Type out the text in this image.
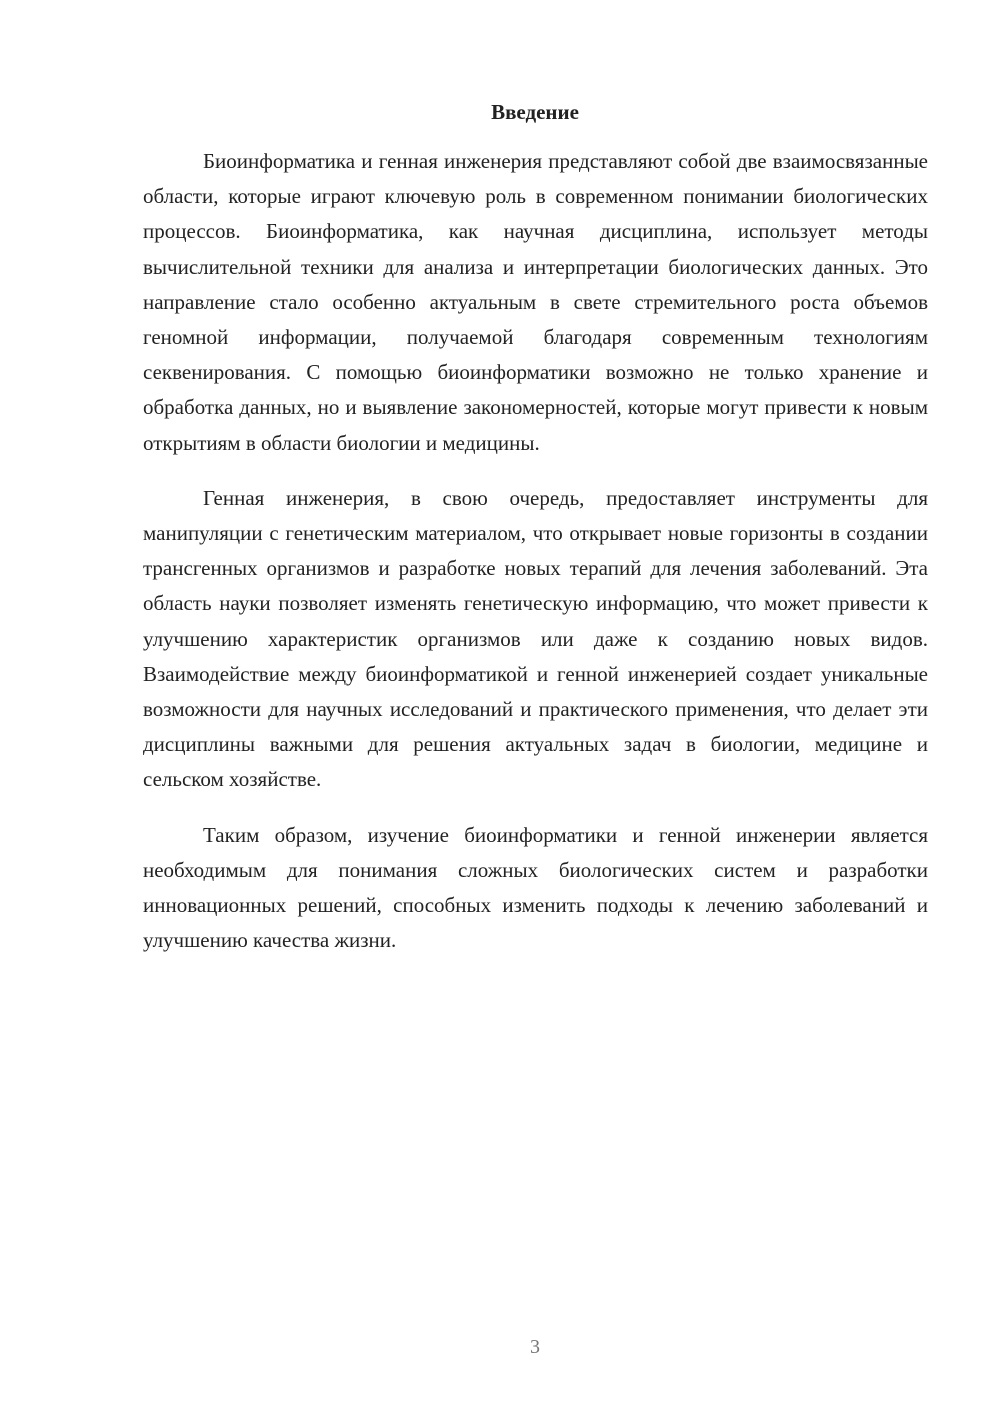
Введение

Биоинформатика и генная инженерия представляют собой две взаимосвязанные области, которые играют ключевую роль в современном понимании биологических процессов. Биоинформатика, как научная дисциплина, использует методы вычислительной техники для анализа и интерпретации биологических данных. Это направление стало особенно актуальным в свете стремительного роста объемов геномной информации, получаемой благодаря современным технологиям секвенирования. С помощью биоинформатики возможно не только хранение и обработка данных, но и выявление закономерностей, которые могут привести к новым открытиям в области биологии и медицины.

Генная инженерия, в свою очередь, предоставляет инструменты для манипуляции с генетическим материалом, что открывает новые горизонты в создании трансгенных организмов и разработке новых терапий для лечения заболеваний. Эта область науки позволяет изменять генетическую информацию, что может привести к улучшению характеристик организмов или даже к созданию новых видов. Взаимодействие между биоинформатикой и генной инженерией создает уникальные возможности для научных исследований и практического применения, что делает эти дисциплины важными для решения актуальных задач в биологии, медицине и сельском хозяйстве.

Таким образом, изучение биоинформатики и генной инженерии является необходимым для понимания сложных биологических систем и разработки инновационных решений, способных изменить подходы к лечению заболеваний и улучшению качества жизни.

3
